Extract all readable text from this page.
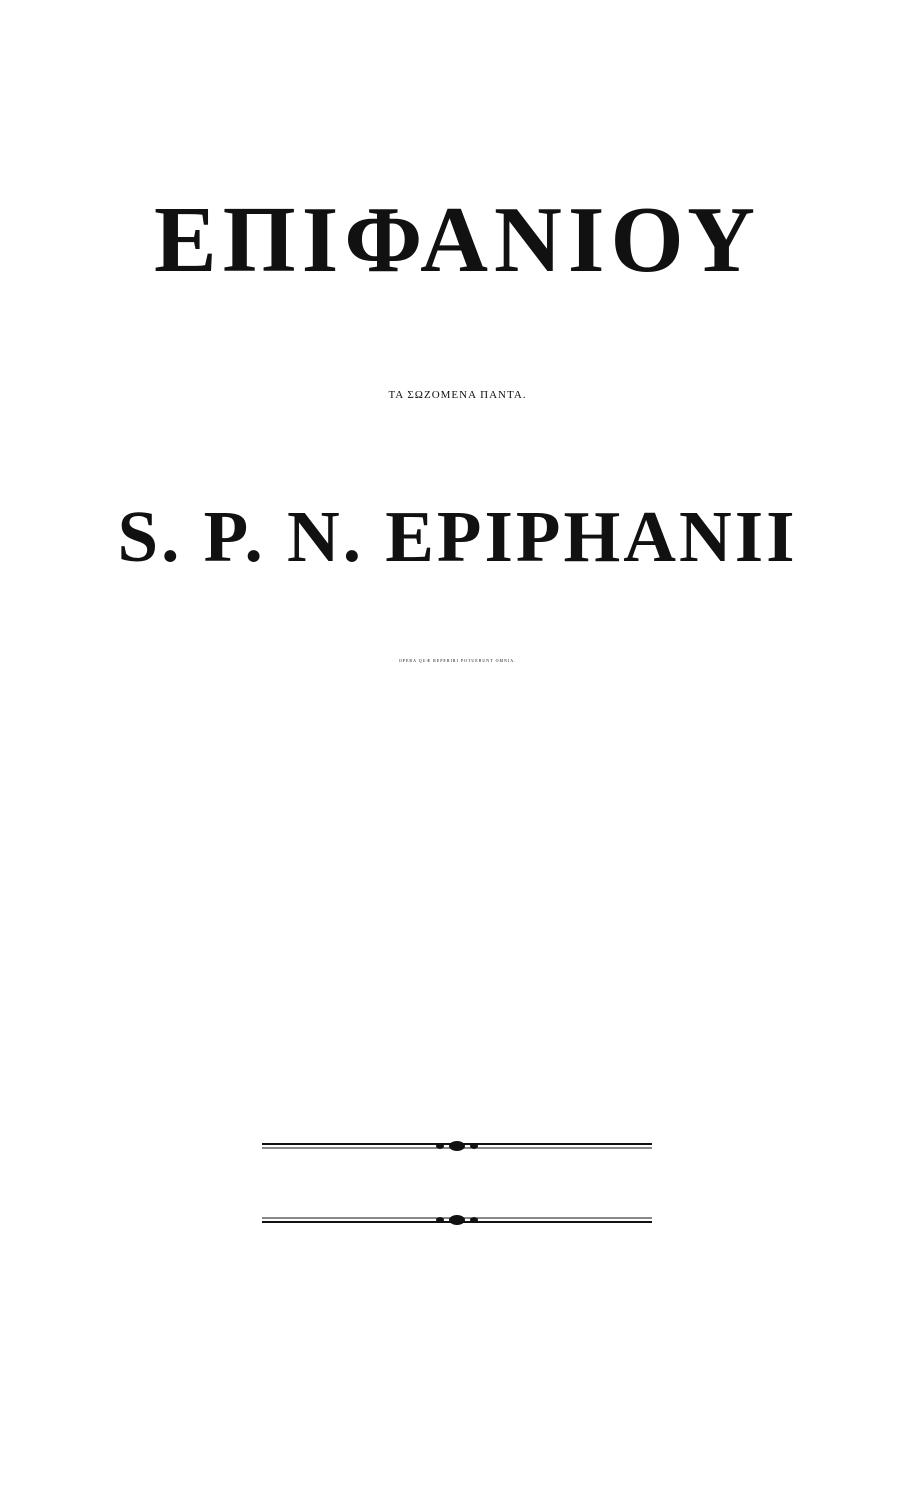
ΕΠΙΦΑΝΙΟΥ
ΤΑ ΣΩΖΟΜΕΝΑ ΠΑΝΤΑ.
S. P. N. EPIPHANII
OPERA QUÆ REPERIRI POTUERUNT OMNIA.
